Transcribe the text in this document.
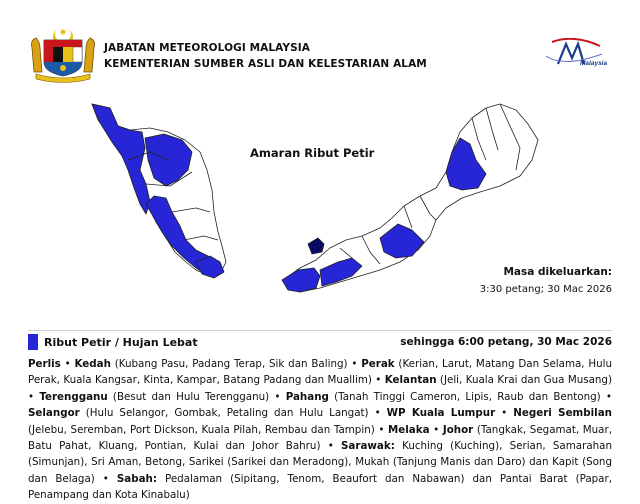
JABATAN METEOROLOGI MALAYSIA
KEMENTERIAN SUMBER ASLI DAN KELESTARIAN ALAM	Malaysia
Amaran Ribut Petir
Masa dikeluarkan:
3:30 petang; 30 Mac 2026
Ribut Petir / Hujan Lebat	sehingga 6:00 petang, 30 Mac 2026
Perlis • Kedah (Kubang Pasu, Padang Terap, Sik dan Baling) • Perak (Kerian, Larut, Matang Dan Selama, Hulu Perak, Kuala Kangsar, Kinta, Kampar, Batang Padang dan Muallim) • Kelantan (Jeli, Kuala Krai dan Gua Musang) • Terengganu (Besut dan Hulu Terengganu) • Pahang (Tanah Tinggi Cameron, Lipis, Raub dan Bentong) • Selangor (Hulu Selangor, Gombak, Petaling dan Hulu Langat) • WP Kuala Lumpur • Negeri Sembilan (Jelebu, Seremban, Port Dickson, Kuala Pilah, Rembau dan Tampin) • Melaka • Johor (Tangkak, Segamat, Muar, Batu Pahat, Kluang, Pontian, Kulai dan Johor Bahru) • Sarawak: Kuching (Kuching), Serian, Samarahan (Simunjan), Sri Aman, Betong, Sarikei (Sarikei dan Meradong), Mukah (Tanjung Manis dan Daro) dan Kapit (Song dan Belaga) • Sabah: Pedalaman (Sipitang, Tenom, Beaufort dan Nabawan) dan Pantai Barat (Papar, Penampang dan Kota Kinabalu)
